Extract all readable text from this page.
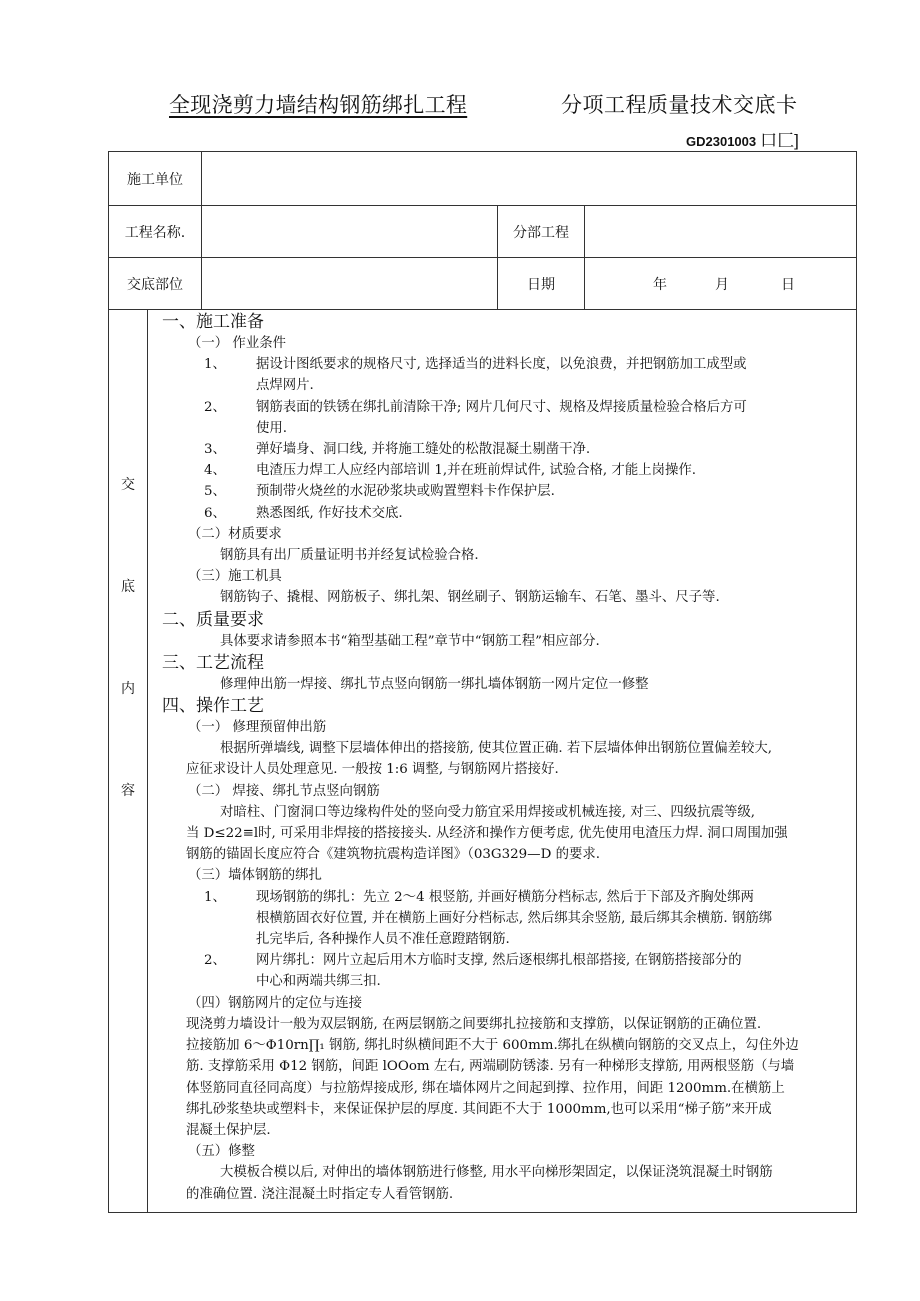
全现浇剪力墙结构钢筋绑扎工程	分项工程质量技术交底卡
GD2301003 口匚]
施工单位			
工程名称.		分部工程	
交底部位		日期	年 月 日
交
底
内
容

一、施工准备

（一） 作业条件

1、 据设计图纸要求的规格尺寸, 选择适当的进料长度，以免浪费，并把钢筋加工成型或

点焊网片.

2、 钢筋表面的铁锈在绑扎前清除干净; 网片几何尺寸、规格及焊接质量检验合格后方可

使用.

3、 弹好墙身、洞口线, 并将施工缝处的松散混凝土剔凿干净.

4、 电渣压力焊工人应经内部培训 1,并在班前焊试件, 试验合格, 才能上岗操作.

5、 预制带火烧丝的水泥砂浆块或购置塑料卡作保护层.

6、 熟悉图纸, 作好技术交底.

（二）材质要求

钢筋具有出厂质量证明书并经复试检验合格.

（三）施工机具

钢筋钩子、撬棍、网筋板子、绑扎架、钢丝刷子、钢筋运输车、石笔、墨斗、尺子等.

二、质量要求

具体要求请参照本书“箱型基础工程”章节中“钢筋工程”相应部分.

三、工艺流程

修理伸出筋一焊接、绑扎节点竖向钢筋一绑扎墙体钢筋一网片定位一修整

四、操作工艺

（一） 修理预留伸出筋

根据所弹墙线, 调整下层墙体伸出的搭接筋, 使其位置正确. 若下层墙体伸出钢筋位置偏差较大,

应征求设计人员处理意见. 一般按 1:6 调整, 与钢筋网片搭接好.

（二） 焊接、绑扎节点竖向钢筋

对暗柱、门窗洞口等边缘构件处的竖向受力筋宜采用焊接或机械连接, 对三、四级抗震等级,

当 D≤22≡l时, 可采用非焊接的搭接接头. 从经济和操作方便考虑, 优先使用电渣压力焊. 洞口周围加强

钢筋的锚固长度应符合《建筑物抗震构造详图》（03G329—D 的要求.

（三）墙体钢筋的绑扎

1、 现场钢筋的绑扎：先立 2～4 根竖筋, 并画好横筋分档标志, 然后于下部及齐胸处绑两

根横筋固衣好位置, 并在横筋上画好分档标志, 然后绑其余竖筋, 最后绑其余横筋. 钢筋绑

扎完毕后, 各种操作人员不准任意蹬踏钢筋.

2、 网片绑扎：网片立起后用木方临时支撑, 然后逐根绑扎根部搭接, 在钢筋搭接部分的

中心和两端共绑三扣.

（四）钢筋网片的定位与连接

现浇剪力墙设计一般为双层钢筋, 在两层钢筋之间要绑扎拉接筋和支撑筋，以保证钢筋的正确位置.

拉接筋加 6～Φ10rn∏₁ 钢筋, 绑扎时纵横间距不大于 600mm.绑扎在纵横向钢筋的交叉点上，勾住外边

筋. 支撑筋采用 Φ12 钢筋，间距 lOOom 左右, 两端刷防锈漆. 另有一种梯形支撑筋, 用两根竖筋（与墙

体竖筋同直径同高度）与拉筋焊接成形, 绑在墙体网片之间起到撑、拉作用，间距 1200mm.在横筋上

绑扎砂浆垫块或塑料卡，来保证保护层的厚度. 其间距不大于 1000mm,也可以采用“梯子筋”来开成

混凝土保护层.

（五）修整

大模板合模以后, 对伸出的墙体钢筋进行修整, 用水平向梯形架固定，以保证浇筑混凝土时钢筋

的准确位置. 浇注混凝土时指定专人看管钢筋.
